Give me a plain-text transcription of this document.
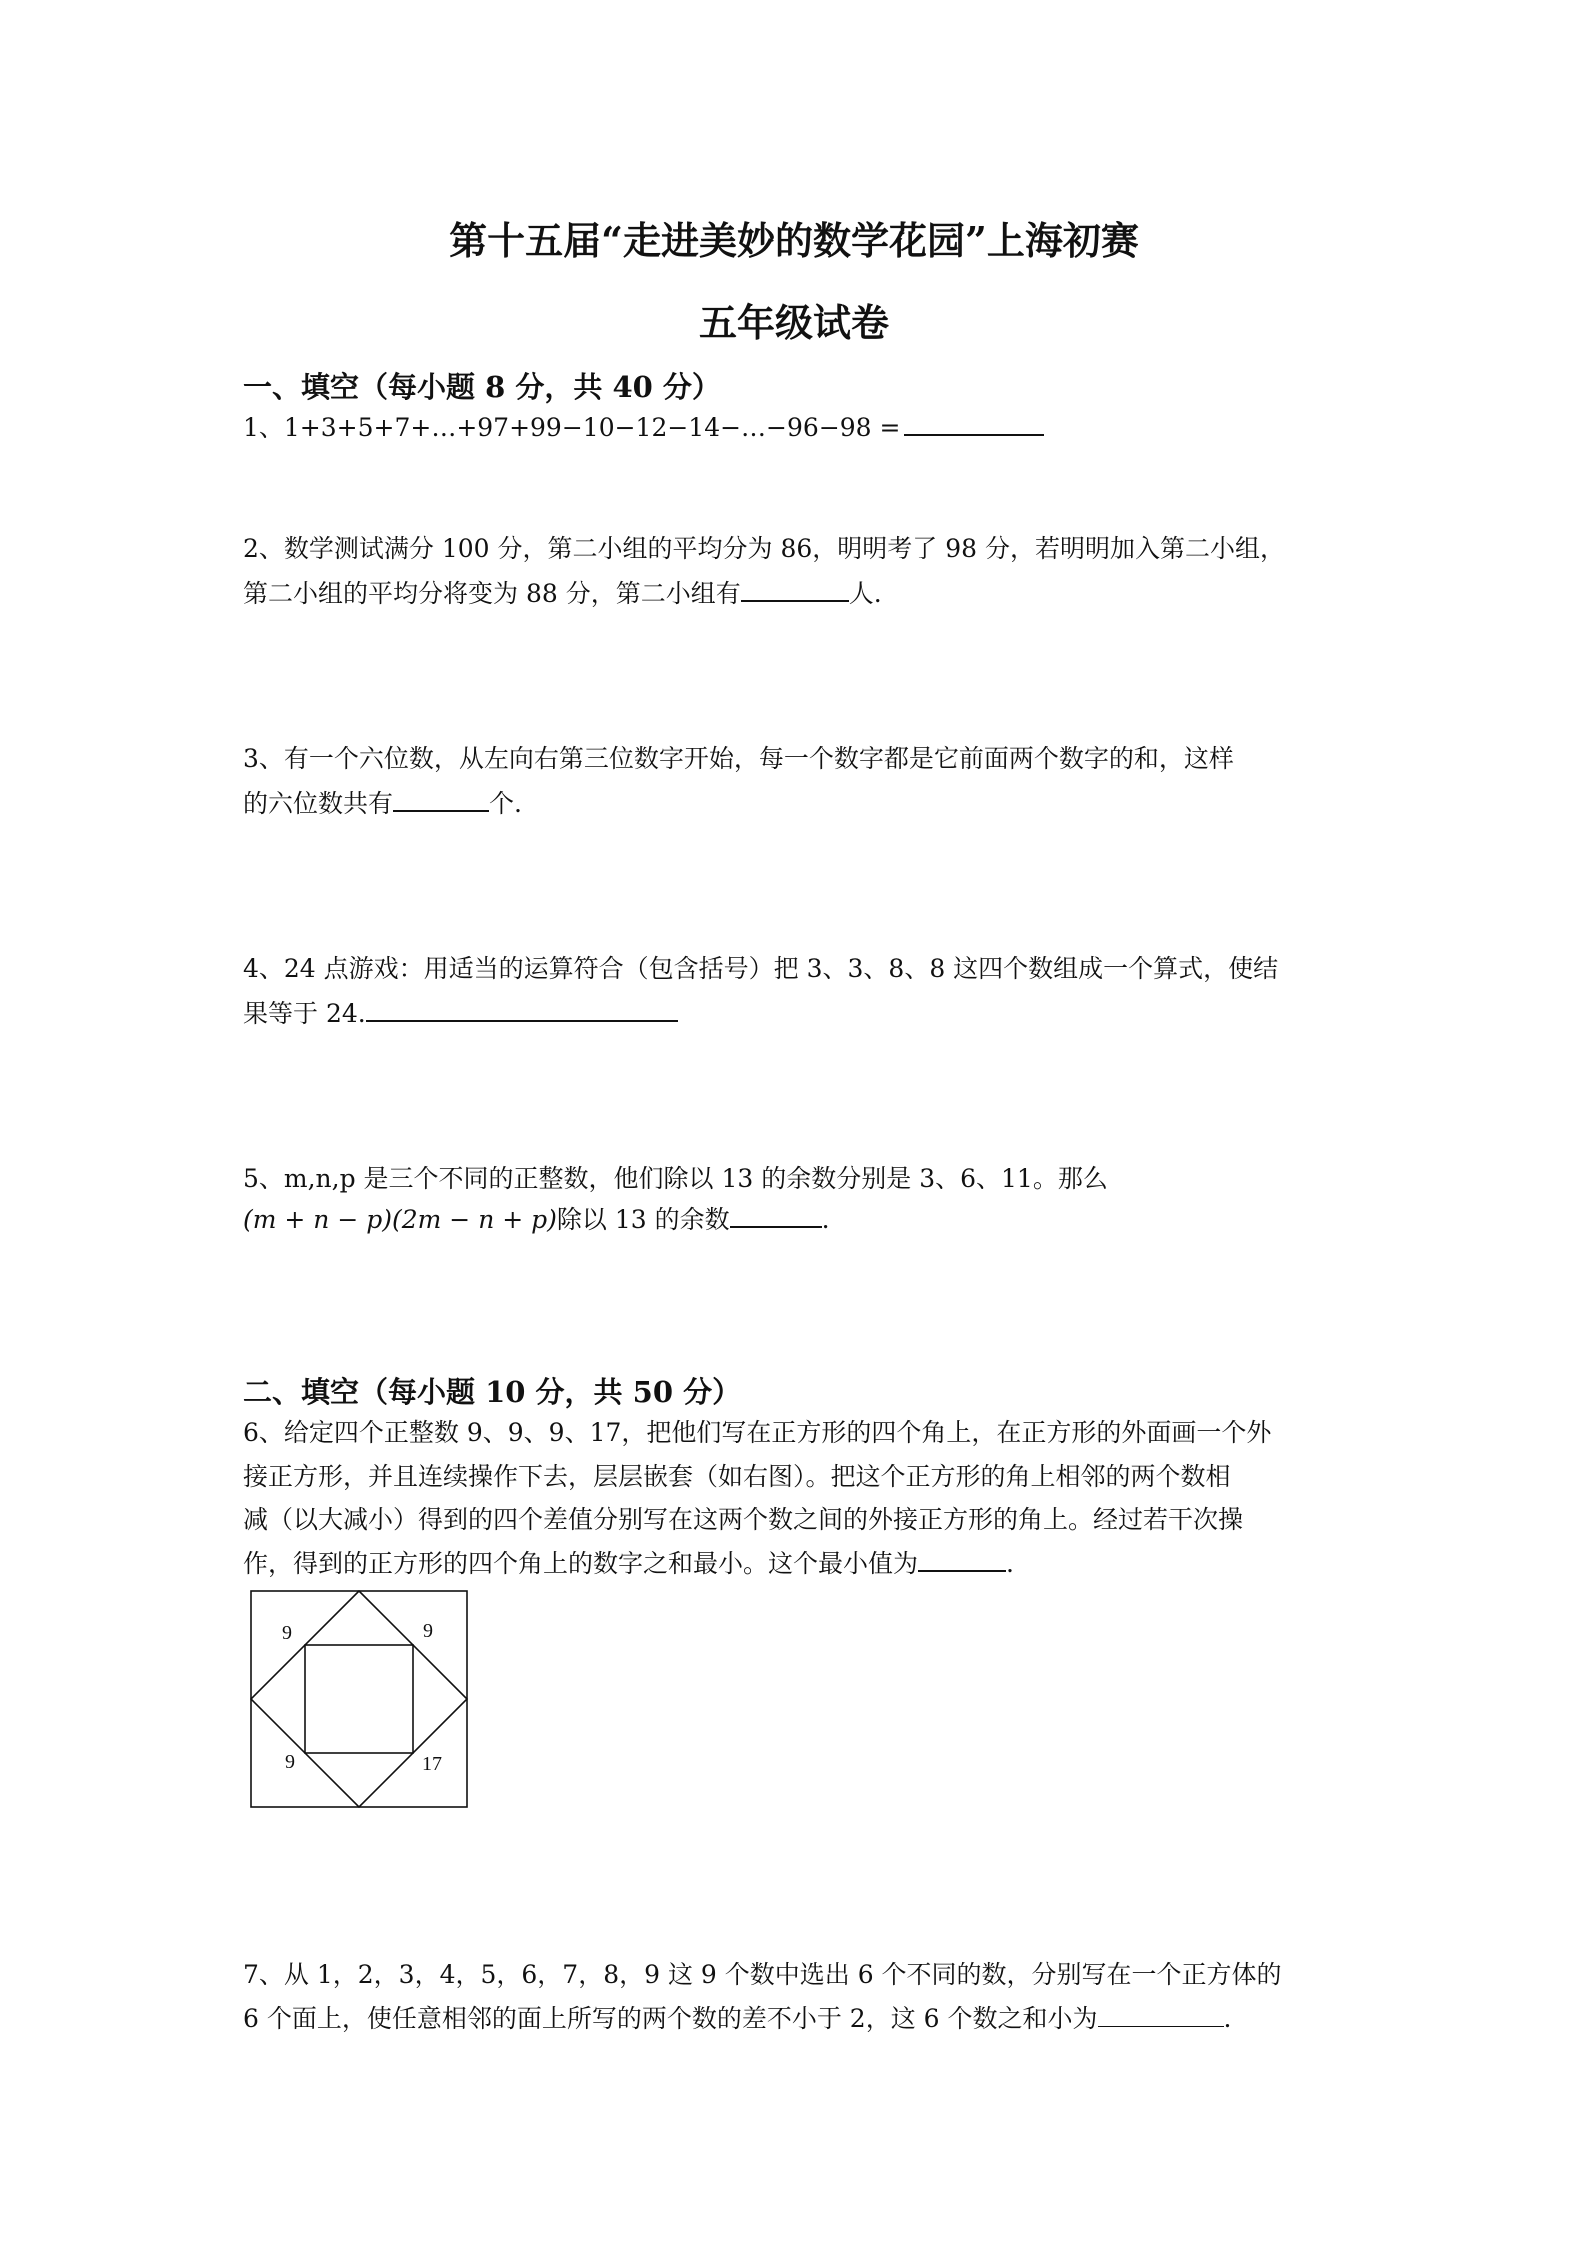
第十五届“走进美妙的数学花园”上海初赛
五年级试卷
一、填空（每小题 8 分，共 40 分）
1、1+3+5+7+…+97+99−10−12−14−…−96−98 =
2、数学测试满分 100 分，第二小组的平均分为 86，明明考了 98 分，若明明加入第二小组，
第二小组的平均分将变为 88 分，第二小组有	人.
3、有一个六位数，从左向右第三位数字开始，每一个数字都是它前面两个数字的和，这样
的六位数共有	个.
4、24 点游戏：用适当的运算符合（包含括号）把 3、3、8、8 这四个数组成一个算式，使结
果等于 24.
5、m,n,p 是三个不同的正整数，他们除以 13 的余数分别是 3、6、11。那么
(m + n − p)(2m − n + p)除以 13 的余数	.
二、填空（每小题 10 分，共 50 分）
6、给定四个正整数 9、9、9、17，把他们写在正方形的四个角上，在正方形的外面画一个外
接正方形，并且连续操作下去，层层嵌套（如右图）。把这个正方形的角上相邻的两个数相
减（以大减小）得到的四个差值分别写在这两个数之间的外接正方形的角上。经过若干次操
作，得到的正方形的四个角上的数字之和最小。这个最小值为	.
9	9
9	17
7、从 1，2，3，4，5，6，7，8，9 这 9 个数中选出 6 个不同的数，分别写在一个正方体的
6 个面上，使任意相邻的面上所写的两个数的差不小于 2，这 6 个数之和小为	.
